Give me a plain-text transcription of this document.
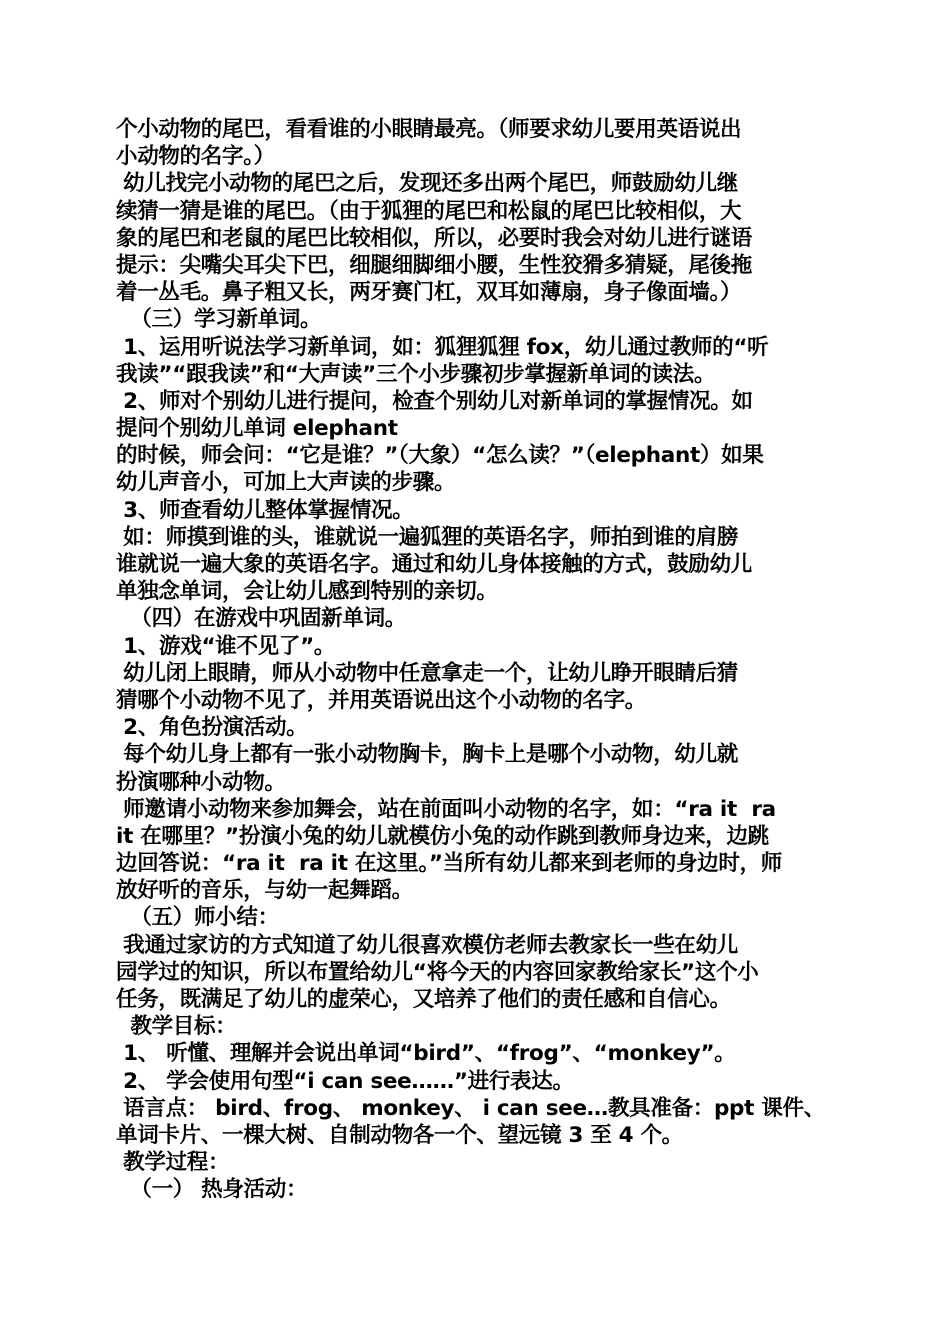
个小动物的尾巴，看看谁的小眼睛最亮。（师要求幼儿要用英语说出
小动物的名字。）
幼儿找完小动物的尾巴之后，发现还多出两个尾巴，师鼓励幼儿继
续猜一猜是谁的尾巴。（由于狐狸的尾巴和松鼠的尾巴比较相似，大
象的尾巴和老鼠的尾巴比较相似，所以，必要时我会对幼儿进行谜语
提示：尖嘴尖耳尖下巴，细腿细脚细小腰，生性狡猾多猜疑，尾後拖
着一丛毛。鼻子粗又长，两牙赛门杠，双耳如薄扇，身子像面墙。）
（三）学习新单词。
1、运用听说法学习新单词，如：狐狸狐狸 fox，幼儿通过教师的“听
我读”“跟我读”和“大声读”三个小步骤初步掌握新单词的读法。
2、师对个别幼儿进行提问，检查个别幼儿对新单词的掌握情况。如
提问个别幼儿单词 elephant
的时候，师会问：“它是谁？”（大象）“怎么读？”（elephant）如果
幼儿声音小，可加上大声读的步骤。
3、师查看幼儿整体掌握情况。
如：师摸到谁的头，谁就说一遍狐狸的英语名字，师拍到谁的肩膀
谁就说一遍大象的英语名字。通过和幼儿身体接触的方式，鼓励幼儿
单独念单词，会让幼儿感到特别的亲切。
（四）在游戏中巩固新单词。
1、游戏“谁不见了”。
幼儿闭上眼睛，师从小动物中任意拿走一个，让幼儿睁开眼睛后猜
猜哪个小动物不见了，并用英语说出这个小动物的名字。
2、角色扮演活动。
每个幼儿身上都有一张小动物胸卡，胸卡上是哪个小动物，幼儿就
扮演哪种小动物。
师邀请小动物来参加舞会，站在前面叫小动物的名字，如：“ra it  ra
it 在哪里？”扮演小兔的幼儿就模仿小兔的动作跳到教师身边来，边跳
边回答说：“ra it  ra it 在这里。”当所有幼儿都来到老师的身边时，师
放好听的音乐，与幼一起舞蹈。
（五）师小结：
我通过家访的方式知道了幼儿很喜欢模仿老师去教家长一些在幼儿
园学过的知识，所以布置给幼儿“将今天的内容回家教给家长”这个小
任务，既满足了幼儿的虚荣心，又培养了他们的责任感和自信心。
教学目标：
1、 听懂、理解并会说出单词“bird”、“frog”、“monkey”。
2、 学会使用句型“i can see……”进行表达。
语言点： bird、frog、 monkey、 i can see…教具准备：ppt 课件、
单词卡片、一棵大树、自制动物各一个、望远镜 3 至 4 个。
教学过程：
（一） 热身活动：
